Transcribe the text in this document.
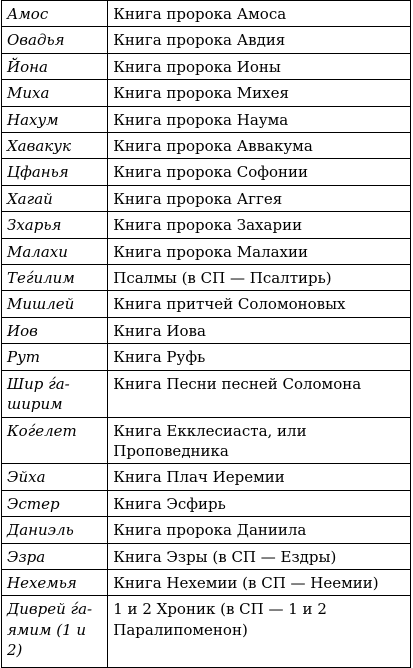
Амос	Книга пророка Амоса
Овадья	Книга пророка Авдия
Йона	Книга пророка Ионы
Миха	Книга пророка Михея
Нахум	Книга пророка Наума
Хавакук	Книга пророка Аввакума
Цфанья	Книга пророка Софонии
Хагай	Книга пророка Аггея
Зхарья	Книга пророка Захарии
Малахи	Книга пророка Малахии
Теѓилим	Псалмы (в СП — Псалтирь)
Мишлей	Книга притчей Соломоновых
Иов	Книга Иова
Рут	Книга Руфь
Шир ѓа-ширим	Книга Песни песней Соломона
Коѓелет	Книга Екклесиаста, или Проповедника
Эйха	Книга Плач Иеремии
Эстер	Книга Эсфирь
Даниэль	Книга пророка Даниила
Эзра	Книга Эзры (в СП — Ездры)
Нехемья	Книга Нехемии (в СП — Неемии)
Диврей ѓа-ямим (1 и 2)	1 и 2 Хроник (в СП — 1 и 2 Паралипоменон)
